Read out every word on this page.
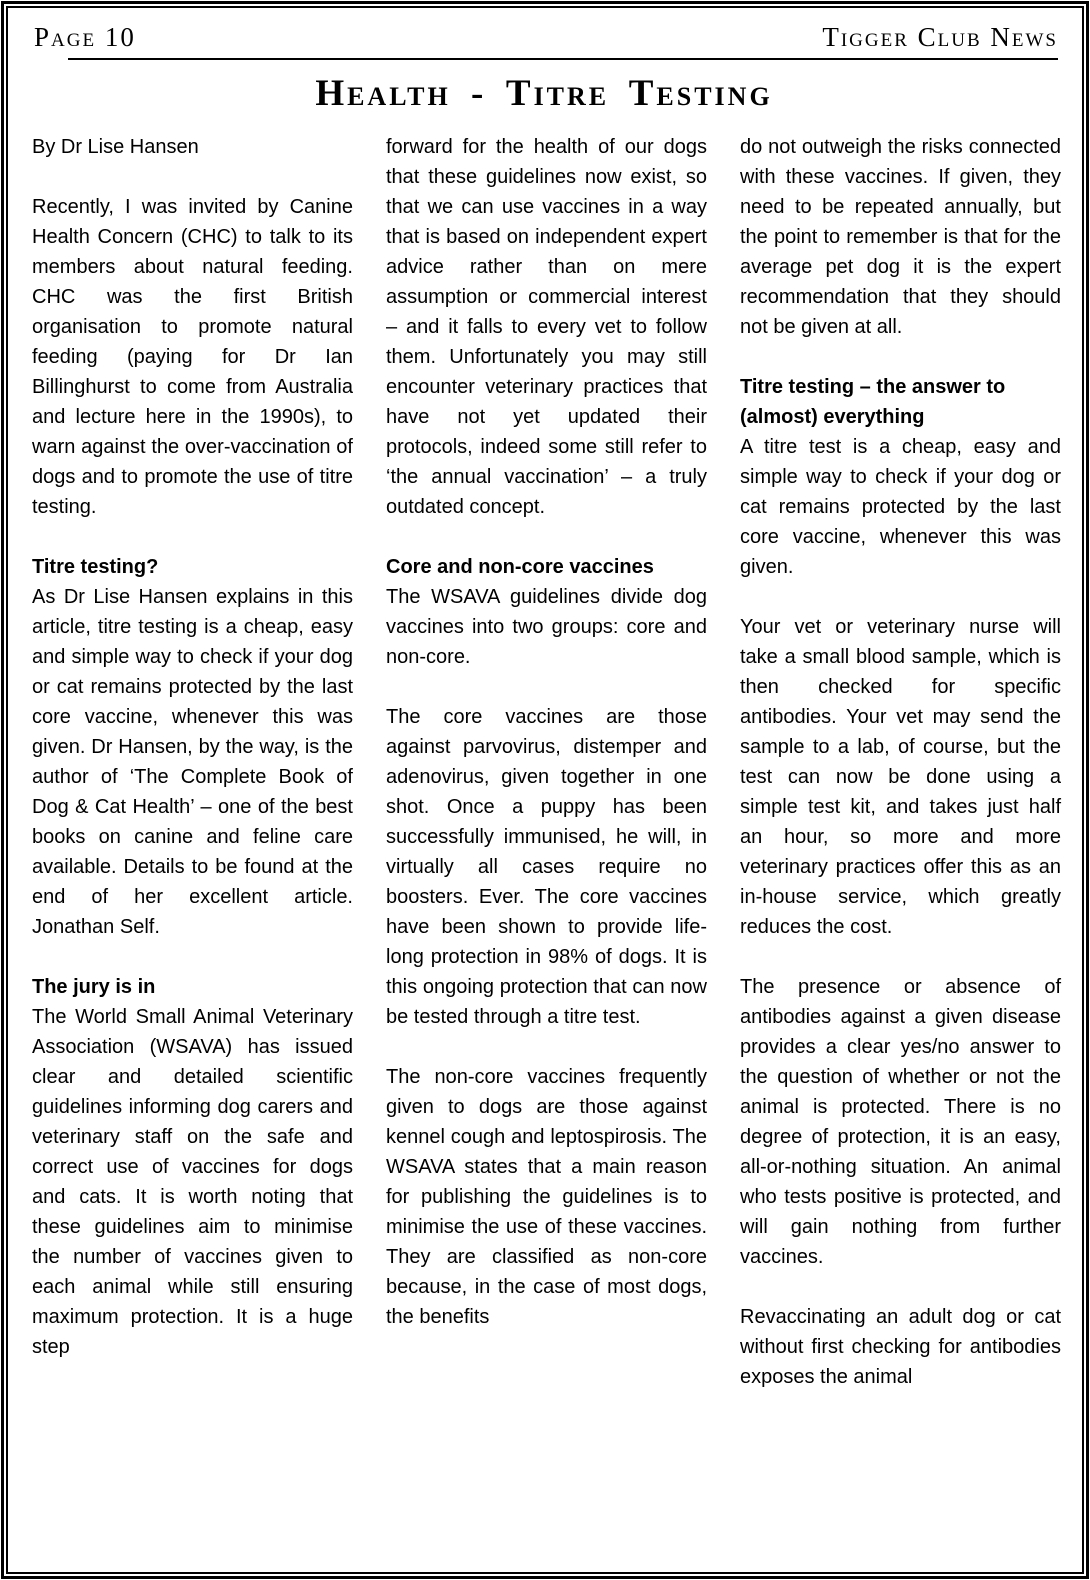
Page 10	Tigger Club News
Health - Titre Testing

By Dr Lise Hansen

Recently, I was invited by Canine Health Concern (CHC) to talk to its members about natural feeding. CHC was the first British organisation to promote natural feeding (paying for Dr Ian Billinghurst to come from Australia and lecture here in the 1990s), to warn against the over-vaccination of dogs and to promote the use of titre testing.

Titre testing?

As Dr Lise Hansen explains in this article, titre testing is a cheap, easy and simple way to check if your dog or cat remains protected by the last core vaccine, whenever this was given. Dr Hansen, by the way, is the author of ‘The Complete Book of Dog & Cat Health’ – one of the best books on canine and feline care available. Details to be found at the end of her excellent article. Jonathan Self.

The jury is in

The World Small Animal Veterinary Association (WSAVA) has issued clear and detailed scientific guidelines informing dog carers and veterinary staff on the safe and correct use of vaccines for dogs and cats. It is worth noting that these guidelines aim to minimise the number of vaccines given to each animal while still ensuring maximum protection. It is a huge step

forward for the health of our dogs that these guidelines now exist, so that we can use vaccines in a way that is based on independent expert advice rather than on mere assumption or commercial interest – and it falls to every vet to follow them. Unfortunately you may still encounter veterinary practices that have not yet updated their protocols, indeed some still refer to ‘the annual vaccination’ – a truly outdated concept.

Core and non-core vaccines

The WSAVA guidelines divide dog vaccines into two groups: core and non-core.

The core vaccines are those against parvovirus, distemper and adenovirus, given together in one shot. Once a puppy has been successfully immunised, he will, in virtually all cases require no boosters. Ever. The core vaccines have been shown to provide life-long protection in 98% of dogs. It is this ongoing protection that can now be tested through a titre test.

The non-core vaccines frequently given to dogs are those against kennel cough and leptospirosis. The WSAVA states that a main reason for publishing the guidelines is to minimise the use of these vaccines. They are classified as non-core because, in the case of most dogs, the benefits

do not outweigh the risks connected with these vaccines. If given, they need to be repeated annually, but the point to remember is that for the average pet dog it is the expert recommendation that they should not be given at all.

Titre testing – the answer to (almost) everything

A titre test is a cheap, easy and simple way to check if your dog or cat remains protected by the last core vaccine, whenever this was given.

Your vet or veterinary nurse will take a small blood sample, which is then checked for specific antibodies. Your vet may send the sample to a lab, of course, but the test can now be done using a simple test kit, and takes just half an hour, so more and more veterinary practices offer this as an in-house service, which greatly reduces the cost.

The presence or absence of antibodies against a given disease provides a clear yes/no answer to the question of whether or not the animal is protected. There is no degree of protection, it is an easy, all-or-nothing situation. An animal who tests positive is protected, and will gain nothing from further vaccines.

Revaccinating an adult dog or cat without first checking for antibodies exposes the animal
